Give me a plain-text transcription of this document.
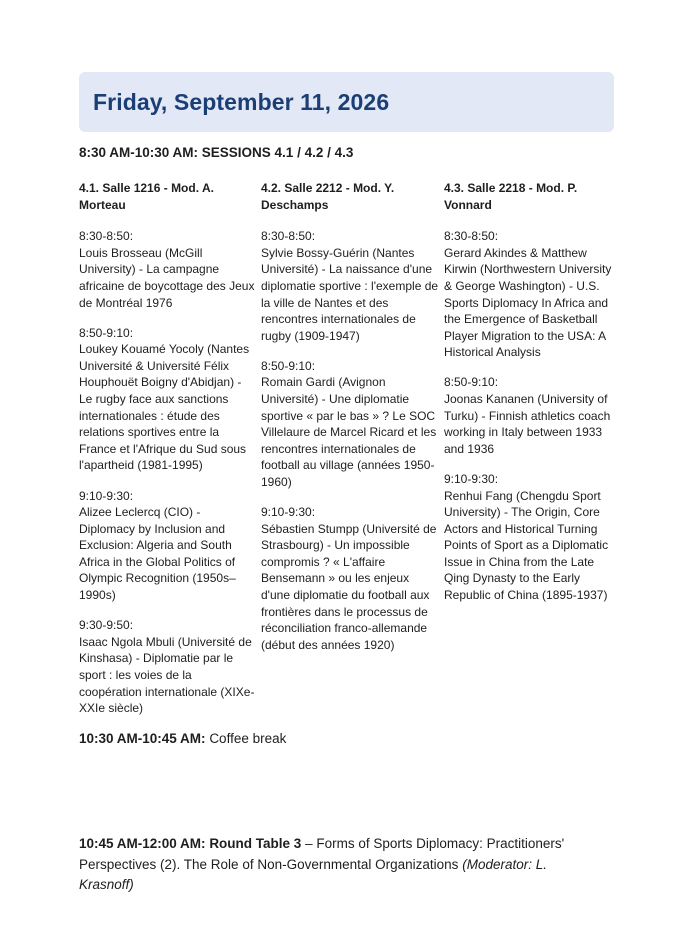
Friday, September 11, 2026
8:30 AM-10:30 AM: SESSIONS 4.1 / 4.2 / 4.3
4.1. Salle 1216 - Mod. A. Morteau
8:30-8:50:
Louis Brosseau (McGill University) - La campagne africaine de boycottage des Jeux de Montréal 1976
8:50-9:10:
Loukey Kouamé Yocoly (Nantes Université & Université Félix Houphouët Boigny d'Abidjan) - Le rugby face aux sanctions internationales : étude des relations sportives entre la France et l'Afrique du Sud sous l'apartheid (1981-1995)
9:10-9:30:
Alizee Leclercq (CIO) - Diplomacy by Inclusion and Exclusion: Algeria and South Africa in the Global Politics of Olympic Recognition (1950s–1990s)
9:30-9:50:
Isaac Ngola Mbuli (Université de Kinshasa) - Diplomatie par le sport : les voies de la coopération internationale (XIXe-XXIe siècle)
4.2. Salle 2212 - Mod. Y. Deschamps
8:30-8:50:
Sylvie Bossy-Guérin (Nantes Université) - La naissance d'une diplomatie sportive : l'exemple de la ville de Nantes et des rencontres internationales de rugby (1909-1947)
8:50-9:10:
Romain Gardi (Avignon Université) - Une diplomatie sportive « par le bas » ? Le SOC Villelaure de Marcel Ricard et les rencontres internationales de football au village (années 1950-1960)
9:10-9:30:
Sébastien Stumpp (Université de Strasbourg) - Un impossible compromis ? « L'affaire Bensemann » ou les enjeux d'une diplomatie du football aux frontières dans le processus de réconciliation franco-allemande (début des années 1920)
4.3. Salle 2218 - Mod. P. Vonnard
8:30-8:50:
Gerard Akindes & Matthew Kirwin (Northwestern University & George Washington) - U.S. Sports Diplomacy In Africa and the Emergence of Basketball Player Migration to the USA: A Historical Analysis
8:50-9:10:
Joonas Kananen (University of Turku) - Finnish athletics coach working in Italy between 1933 and 1936
9:10-9:30:
Renhui Fang (Chengdu Sport University) - The Origin, Core Actors and Historical Turning Points of Sport as a Diplomatic Issue in China from the Late Qing Dynasty to the Early Republic of China (1895-1937)
10:30 AM-10:45 AM: Coffee break
10:45 AM-12:00 AM: Round Table 3 – Forms of Sports Diplomacy: Practitioners' Perspectives (2). The Role of Non-Governmental Organizations (Moderator: L. Krasnoff)
